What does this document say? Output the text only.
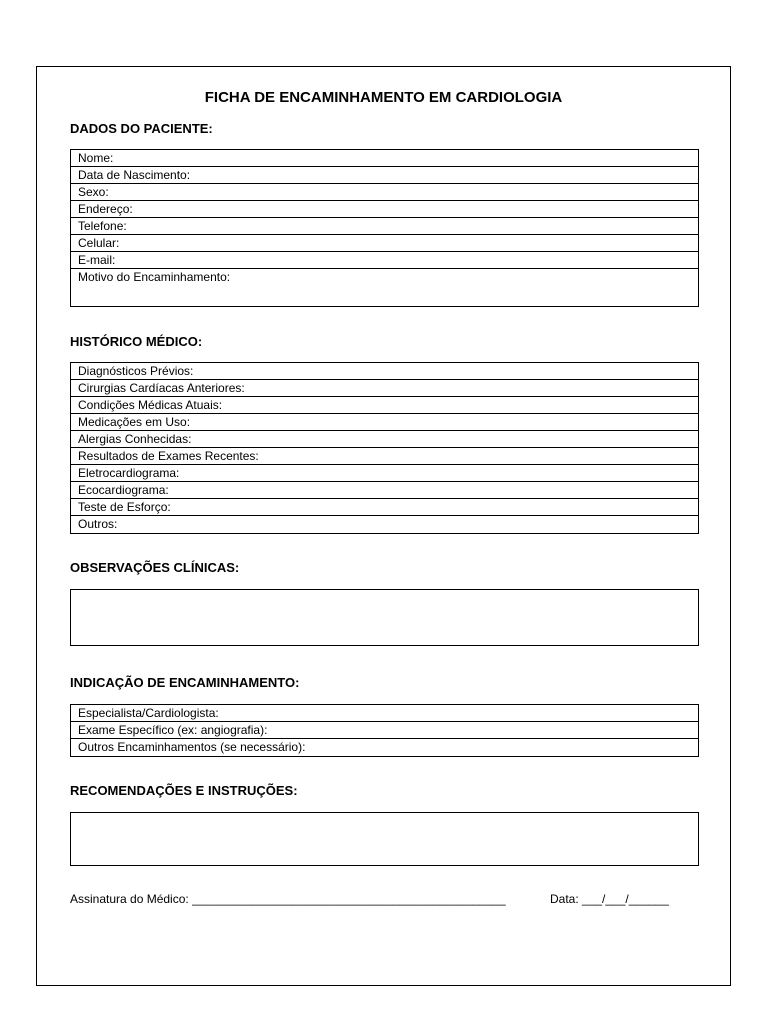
FICHA DE ENCAMINHAMENTO EM CARDIOLOGIA
DADOS DO PACIENTE:
Nome:
Data de Nascimento:
Sexo:
Endereço:
Telefone:
Celular:
E-mail:
Motivo do Encaminhamento:
HISTÓRICO MÉDICO:
Diagnósticos Prévios:
Cirurgias Cardíacas Anteriores:
Condições Médicas Atuais:
Medicações em Uso:
Alergias Conhecidas:
Resultados de Exames Recentes:
Eletrocardiograma:
Ecocardiograma:
Teste de Esforço:
Outros:
OBSERVAÇÕES CLÍNICAS:
INDICAÇÃO DE ENCAMINHAMENTO:
Especialista/Cardiologista:
Exame Específico (ex: angiografia):
Outros Encaminhamentos (se necessário):
RECOMENDAÇÕES E INSTRUÇÕES:
Assinatura do Médico: _______________________________________________	Data: ___/___/______
